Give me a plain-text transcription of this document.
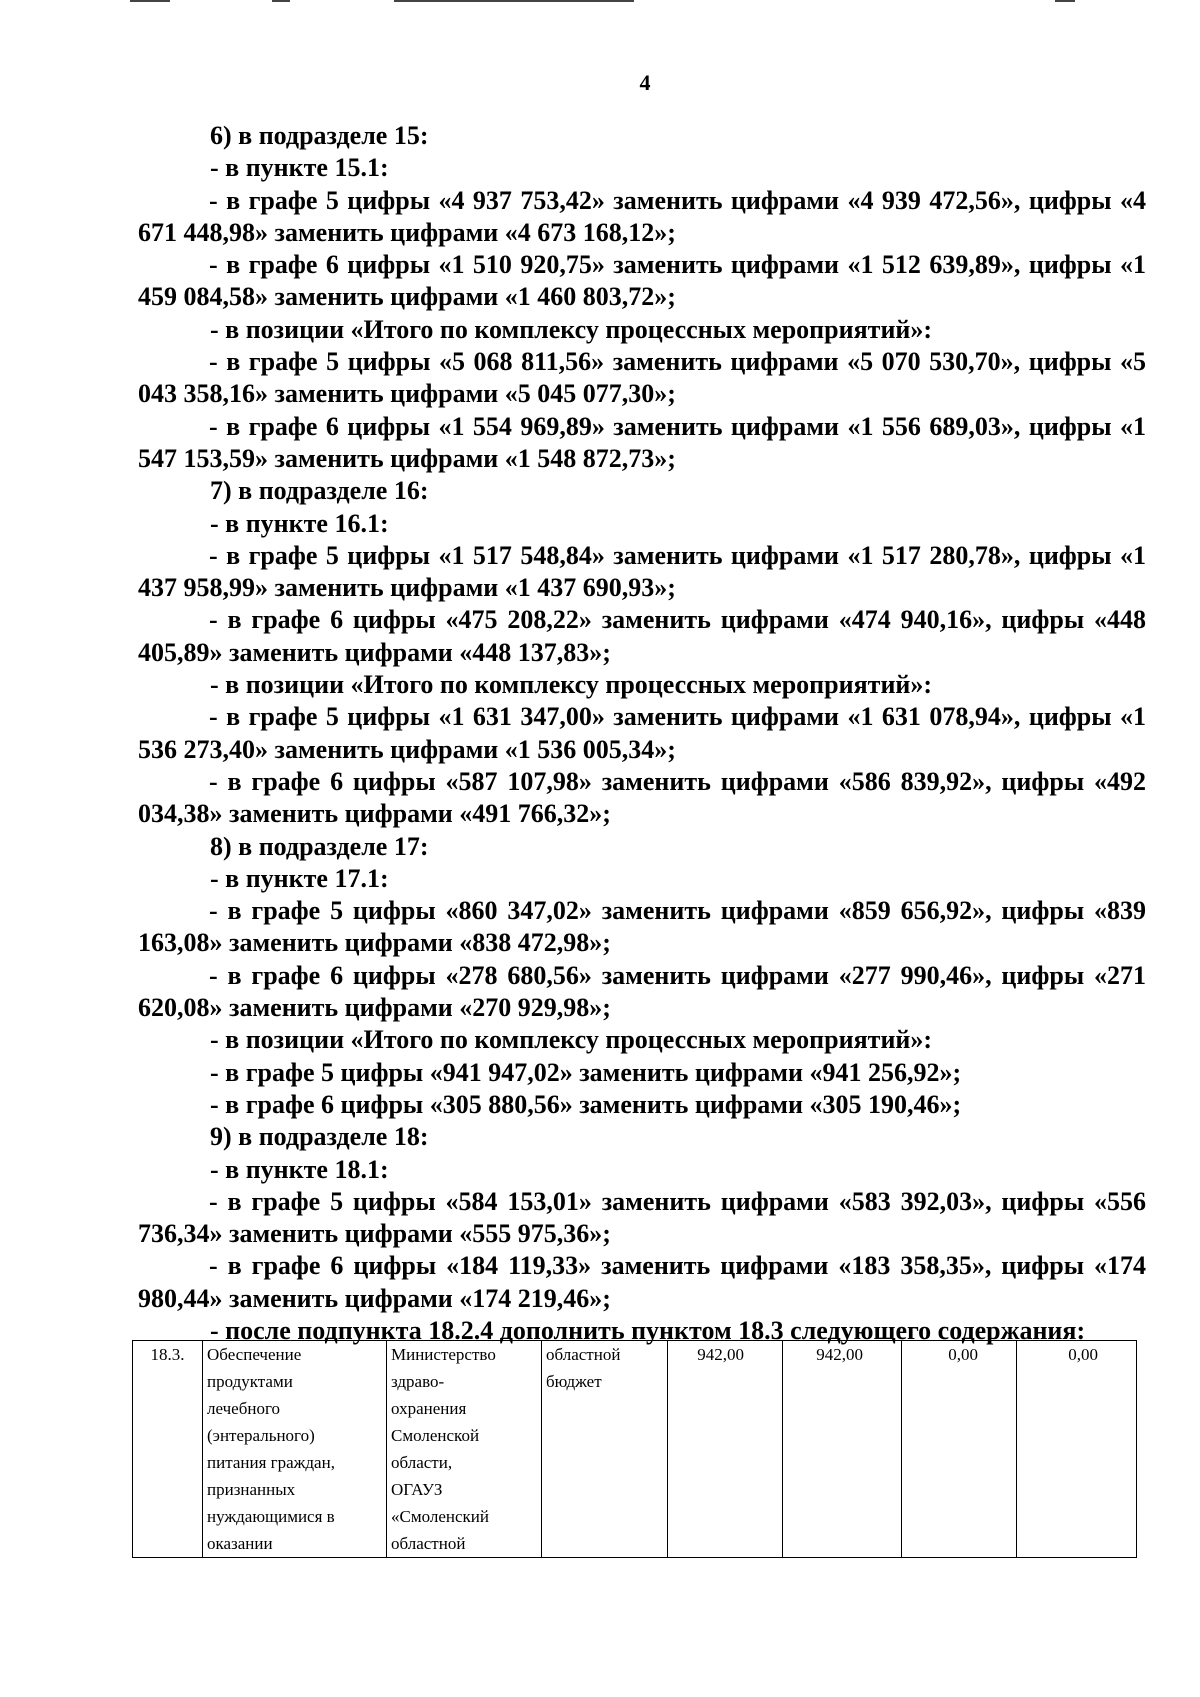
4

6) в подразделе 15:

- в пункте 15.1:

- в графе 5 цифры «4 937 753,42» заменить цифрами «4 939 472,56», цифры «4 671 448,98» заменить цифрами «4 673 168,12»;

- в графе 6 цифры «1 510 920,75» заменить цифрами «1 512 639,89», цифры «1 459 084,58» заменить цифрами «1 460 803,72»;

- в позиции «Итого по комплексу процессных мероприятий»:

- в графе 5 цифры «5 068 811,56» заменить цифрами «5 070 530,70», цифры «5 043 358,16» заменить цифрами «5 045 077,30»;

- в графе 6 цифры «1 554 969,89» заменить цифрами «1 556 689,03», цифры «1 547 153,59» заменить цифрами «1 548 872,73»;

7) в подразделе 16:

- в пункте 16.1:

- в графе 5 цифры «1 517 548,84» заменить цифрами «1 517 280,78», цифры «1 437 958,99» заменить цифрами «1 437 690,93»;

- в графе 6 цифры «475 208,22» заменить цифрами «474 940,16», цифры «448 405,89» заменить цифрами «448 137,83»;

- в позиции «Итого по комплексу процессных мероприятий»:

- в графе 5 цифры «1 631 347,00» заменить цифрами «1 631 078,94», цифры «1 536 273,40» заменить цифрами «1 536 005,34»;

- в графе 6 цифры «587 107,98» заменить цифрами «586 839,92», цифры «492 034,38» заменить цифрами «491 766,32»;

8) в подразделе 17:

- в пункте 17.1:

- в графе 5 цифры «860 347,02» заменить цифрами «859 656,92», цифры «839 163,08» заменить цифрами «838 472,98»;

- в графе 6 цифры «278 680,56» заменить цифрами «277 990,46», цифры «271 620,08» заменить цифрами «270 929,98»;

- в позиции «Итого по комплексу процессных мероприятий»:

- в графе 5 цифры «941 947,02» заменить цифрами «941 256,92»;

- в графе 6 цифры «305 880,56» заменить цифрами «305 190,46»;

9) в подразделе 18:

- в пункте 18.1:

- в графе 5 цифры «584 153,01» заменить цифрами «583 392,03», цифры «556 736,34» заменить цифрами «555 975,36»;

- в графе 6 цифры «184 119,33» заменить цифрами «183 358,35», цифры «174 980,44» заменить цифрами «174 219,46»;

- после подпункта 18.2.4 дополнить пунктом 18.3 следующего содержания:

18.3.	Обеспечение
продуктами
лечебного
(энтерального)
питания граждан,
признанных
нуждающимися в
оказании	Министерство
здраво-
охранения
Смоленской
области,
ОГАУЗ
«Смоленский
областной	областной
бюджет	942,00	942,00	0,00	0,00
